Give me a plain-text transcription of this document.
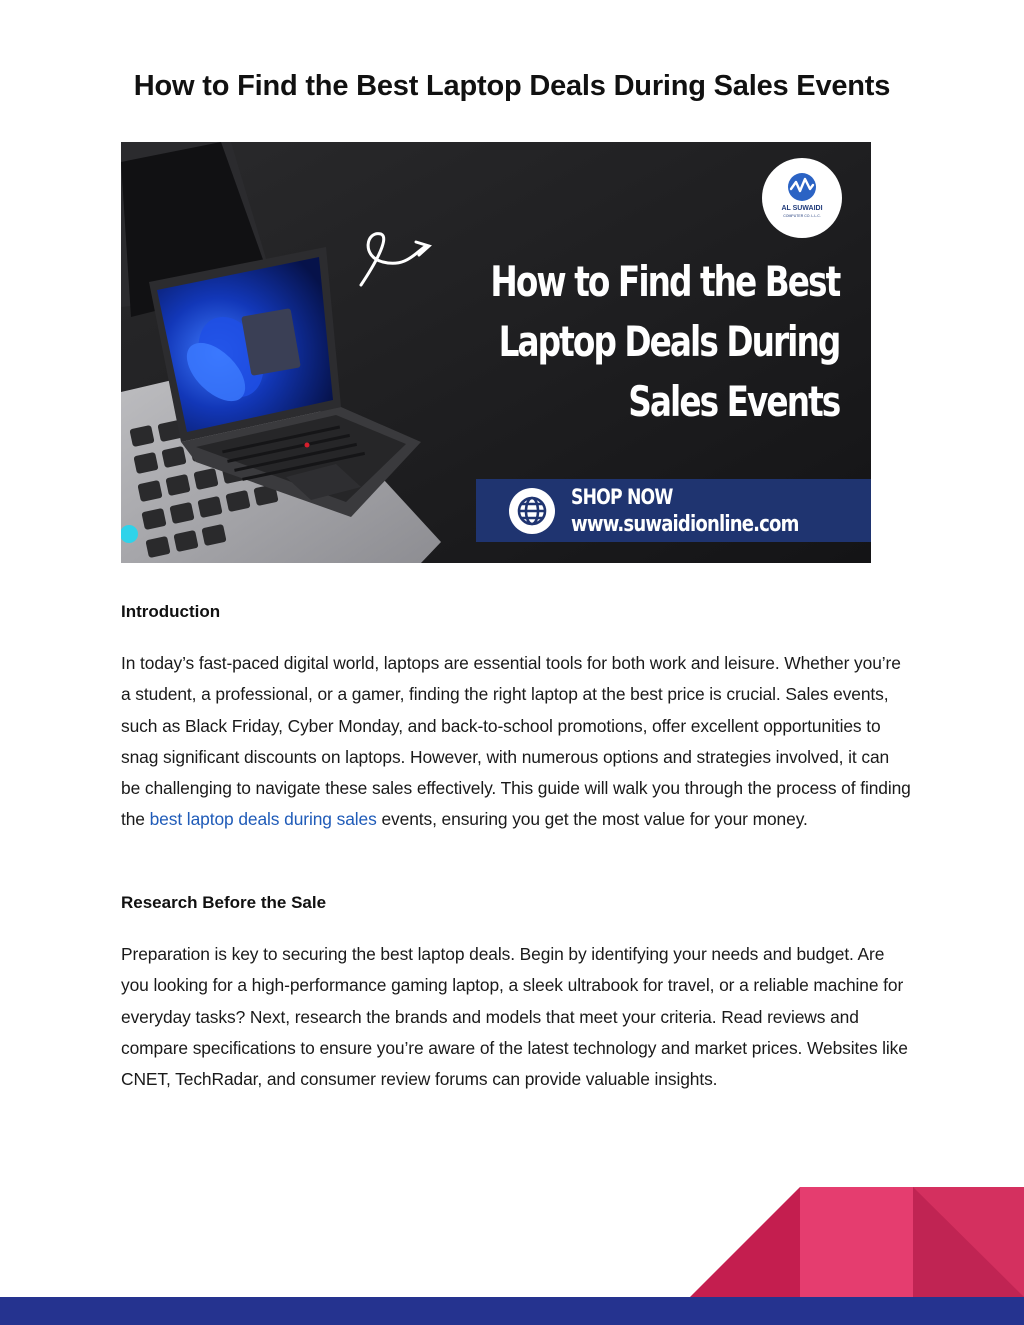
How to Find the Best Laptop Deals During Sales Events
AL SUWAIDI
COMPUTER CO. L.L.C.
How to Find the Best
Laptop Deals During
Sales Events
SHOP NOW
www.suwaidionline.com
Introduction

In today’s fast-paced digital world, laptops are essential tools for both work and leisure. Whether you’re a student, a professional, or a gamer, finding the right laptop at the best price is crucial. Sales events, such as Black Friday, Cyber Monday, and back-to-school promotions, offer excellent opportunities to snag significant discounts on laptops. However, with numerous options and strategies involved, it can be challenging to navigate these sales effectively. This guide will walk you through the process of finding the best laptop deals during sales events, ensuring you get the most value for your money.

Research Before the Sale

Preparation is key to securing the best laptop deals. Begin by identifying your needs and budget. Are you looking for a high-performance gaming laptop, a sleek ultrabook for travel, or a reliable machine for everyday tasks? Next, research the brands and models that meet your criteria. Read reviews and compare specifications to ensure you’re aware of the latest technology and market prices. Websites like CNET, TechRadar, and consumer review forums can provide valuable insights.
